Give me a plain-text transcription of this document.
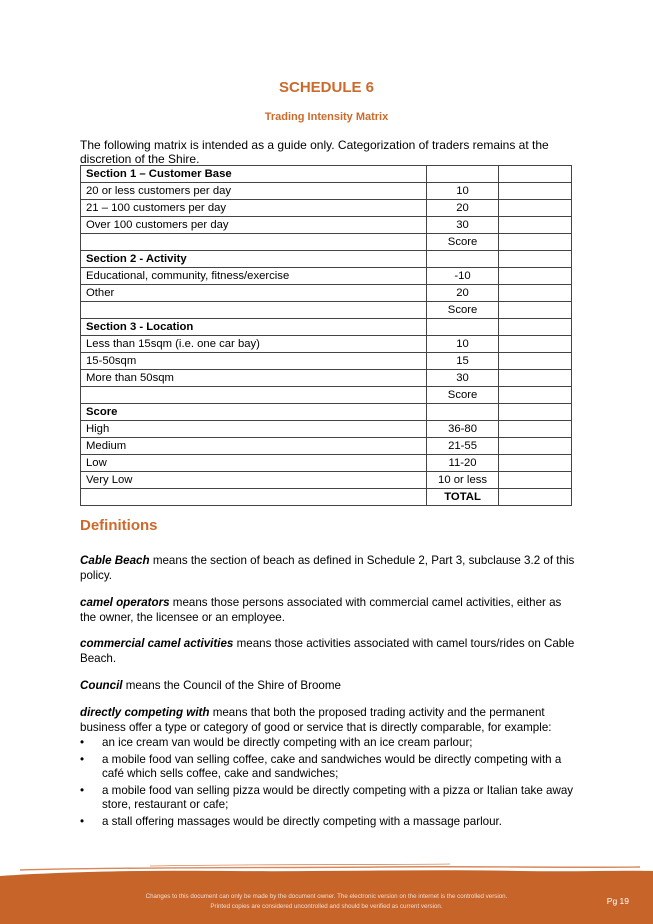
SCHEDULE 6
Trading Intensity Matrix
The following matrix is intended as a guide only. Categorization of traders remains at the discretion of the Shire.
Section 1 – Customer Base		
20 or less customers per day	10	
21 – 100 customers per day	20	
Over 100 customers per day	30	
	Score	
Section 2 - Activity		
Educational, community, fitness/exercise	-10	
Other	20	
	Score	
Section 3 - Location		
Less than 15sqm (i.e. one car bay)	10	
15-50sqm	15	
More than 50sqm	30	
	Score	
Score		
High	36-80	
Medium	21-55	
Low	11-20	
Very Low	10 or less	
	TOTAL	
Definitions
Cable Beach means the section of beach as defined in Schedule 2, Part 3, subclause 3.2 of this policy.
camel operators means those persons associated with commercial camel activities, either as the owner, the licensee or an employee.
commercial camel activities means those activities associated with camel tours/rides on Cable Beach.
Council means the Council of the Shire of Broome
directly competing with means that both the proposed trading activity and the permanent business offer a type or category of good or service that is directly comparable, for example:
• an ice cream van would be directly competing with an ice cream parlour;
• a mobile food van selling coffee, cake and sandwiches would be directly competing with a café which sells coffee, cake and sandwiches;
• a mobile food van selling pizza would be directly competing with a pizza or Italian take away store, restaurant or cafe;
• a stall offering massages would be directly competing with a massage parlour.
Changes to this document can only be made by the document owner. The electronic version on the internet is the controlled version.
Printed copies are considered uncontrolled and should be verified as current version.
Pg 19
